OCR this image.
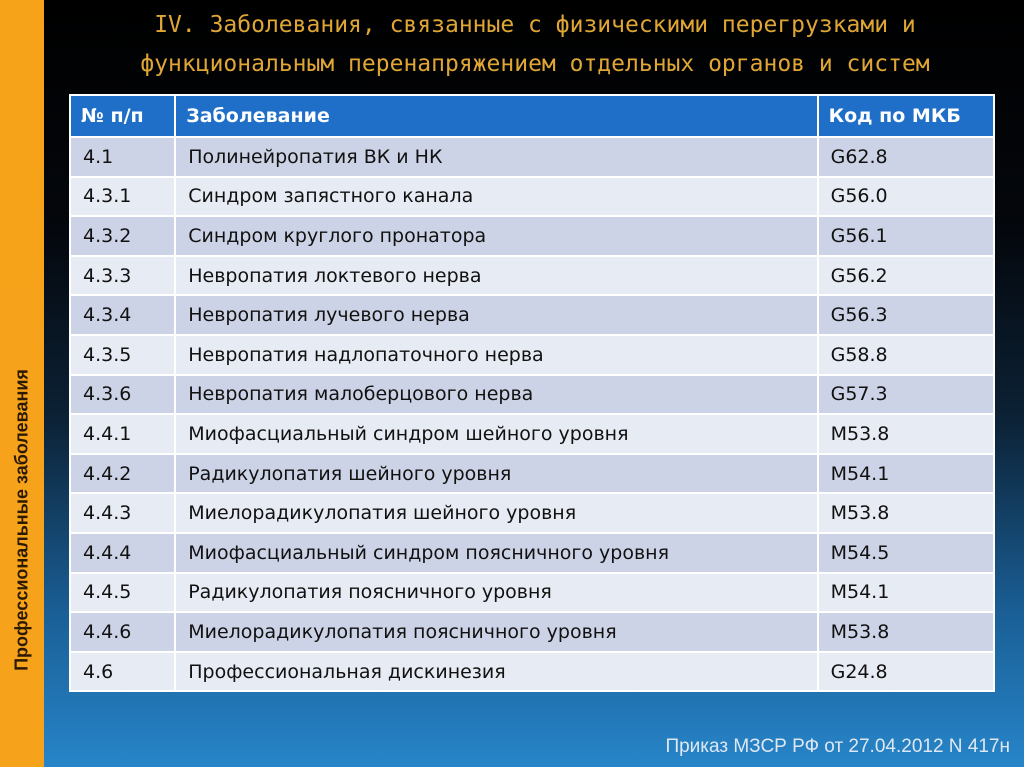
Профессиональные заболевания
IV. Заболевания, связанные с физическими перегрузками и
функциональным перенапряжением отдельных органов и систем
№ п/п	Заболевание	Код по МКБ
4.1	Полинейропатия ВК и НК	G62.8
4.3.1	Синдром запястного канала	G56.0
4.3.2	Синдром круглого пронатора	G56.1
4.3.3	Невропатия локтевого нерва	G56.2
4.3.4	Невропатия лучевого нерва	G56.3
4.3.5	Невропатия надлопаточного нерва	G58.8
4.3.6	Невропатия малоберцового нерва	G57.3
4.4.1	Миофасциальный синдром шейного уровня	M53.8
4.4.2	Радикулопатия шейного уровня	M54.1
4.4.3	Миелорадикулопатия шейного уровня	M53.8
4.4.4	Миофасциальный синдром поясничного уровня	M54.5
4.4.5	Радикулопатия поясничного уровня	M54.1
4.4.6	Миелорадикулопатия поясничного уровня	M53.8
4.6	Профессиональная дискинезия	G24.8
Приказ МЗСР РФ от 27.04.2012 N 417н
